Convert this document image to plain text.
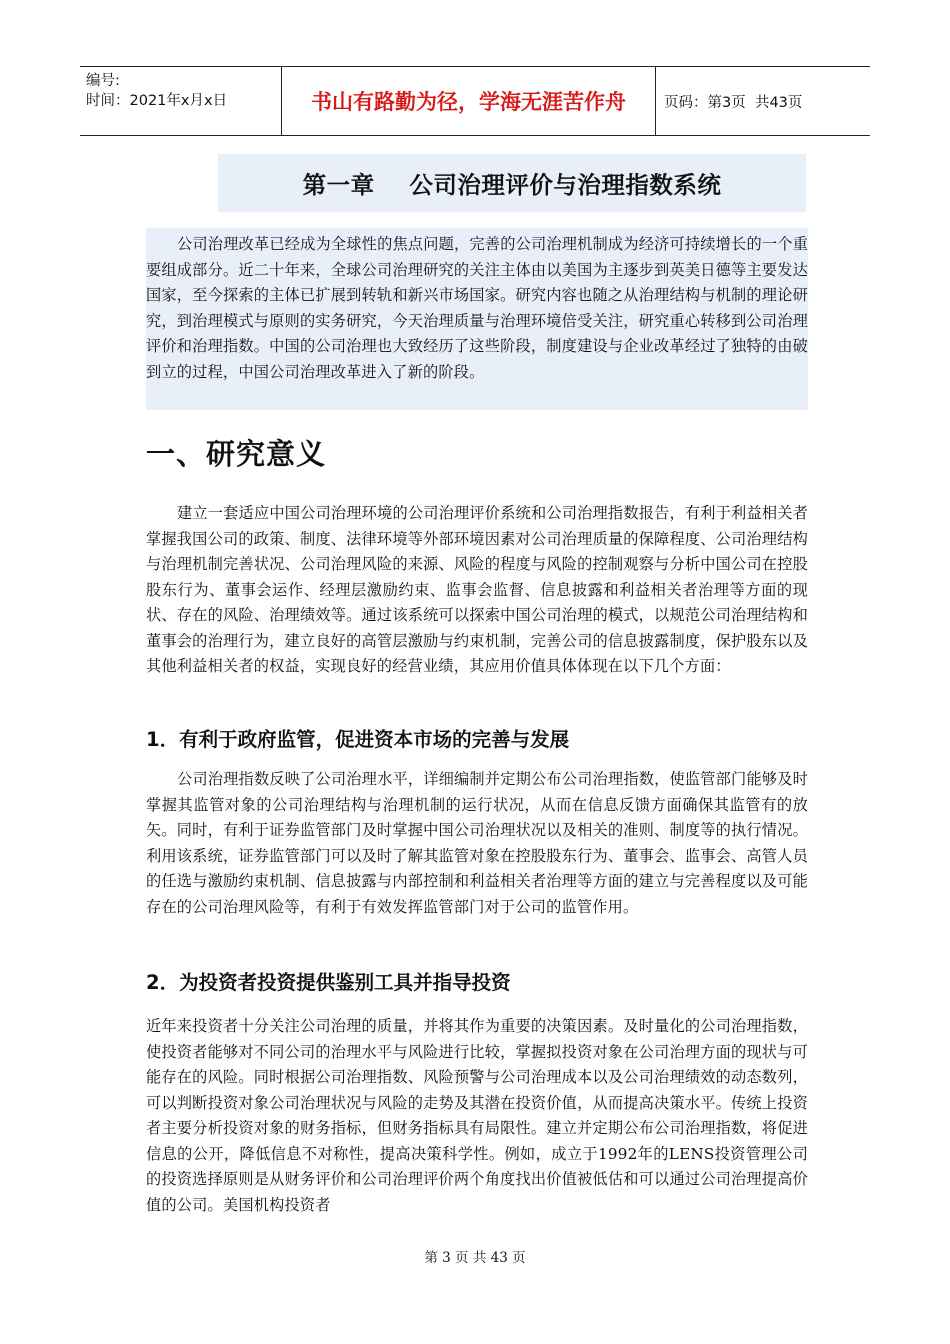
编号:
时间：2021年x月x日	书山有路勤为径，学海无涯苦作舟	页码：第3页  共43页
第一章    公司治理评价与治理指数系统

公司治理改革已经成为全球性的焦点问题，完善的公司治理机制成为经济可持续增长的一个重要组成部分。近二十年来，全球公司治理研究的关注主体由以美国为主逐步到英美日德等主要发达国家，至今探索的主体已扩展到转轨和新兴市场国家。研究内容也随之从治理结构与机制的理论研究，到治理模式与原则的实务研究，今天治理质量与治理环境倍受关注，研究重心转移到公司治理评价和治理指数。中国的公司治理也大致经历了这些阶段，制度建设与企业改革经过了独特的由破到立的过程，中国公司治理改革进入了新的阶段。

一、研究意义

建立一套适应中国公司治理环境的公司治理评价系统和公司治理指数报告，有利于利益相关者掌握我国公司的政策、制度、法律环境等外部环境因素对公司治理质量的保障程度、公司治理结构与治理机制完善状况、公司治理风险的来源、风险的程度与风险的控制观察与分析中国公司在控股股东行为、董事会运作、经理层激励约束、监事会监督、信息披露和利益相关者治理等方面的现状、存在的风险、治理绩效等。通过该系统可以探索中国公司治理的模式，以规范公司治理结构和董事会的治理行为，建立良好的高管层激励与约束机制，完善公司的信息披露制度，保护股东以及其他利益相关者的权益，实现良好的经营业绩，其应用价值具体体现在以下几个方面：

1．有利于政府监管，促进资本市场的完善与发展

公司治理指数反映了公司治理水平，详细编制并定期公布公司治理指数，使监管部门能够及时掌握其监管对象的公司治理结构与治理机制的运行状况，从而在信息反馈方面确保其监管有的放矢。同时，有利于证券监管部门及时掌握中国公司治理状况以及相关的准则、制度等的执行情况。利用该系统，证券监管部门可以及时了解其监管对象在控股股东行为、董事会、监事会、高管人员的任选与激励约束机制、信息披露与内部控制和利益相关者治理等方面的建立与完善程度以及可能存在的公司治理风险等，有利于有效发挥监管部门对于公司的监管作用。

2．为投资者投资提供鉴别工具并指导投资

近年来投资者十分关注公司治理的质量，并将其作为重要的决策因素。及时量化的公司治理指数，使投资者能够对不同公司的治理水平与风险进行比较，掌握拟投资对象在公司治理方面的现状与可能存在的风险。同时根据公司治理指数、风险预警与公司治理成本以及公司治理绩效的动态数列，可以判断投资对象公司治理状况与风险的走势及其潜在投资价值，从而提高决策水平。传统上投资者主要分析投资对象的财务指标，但财务指标具有局限性。建立并定期公布公司治理指数，将促进信息的公开，降低信息不对称性，提高决策科学性。例如，成立于1992年的LENS投资管理公司的投资选择原则是从财务评价和公司治理评价两个角度找出价值被低估和可以通过公司治理提高价值的公司。美国机构投资者

第 3 页 共 43 页
